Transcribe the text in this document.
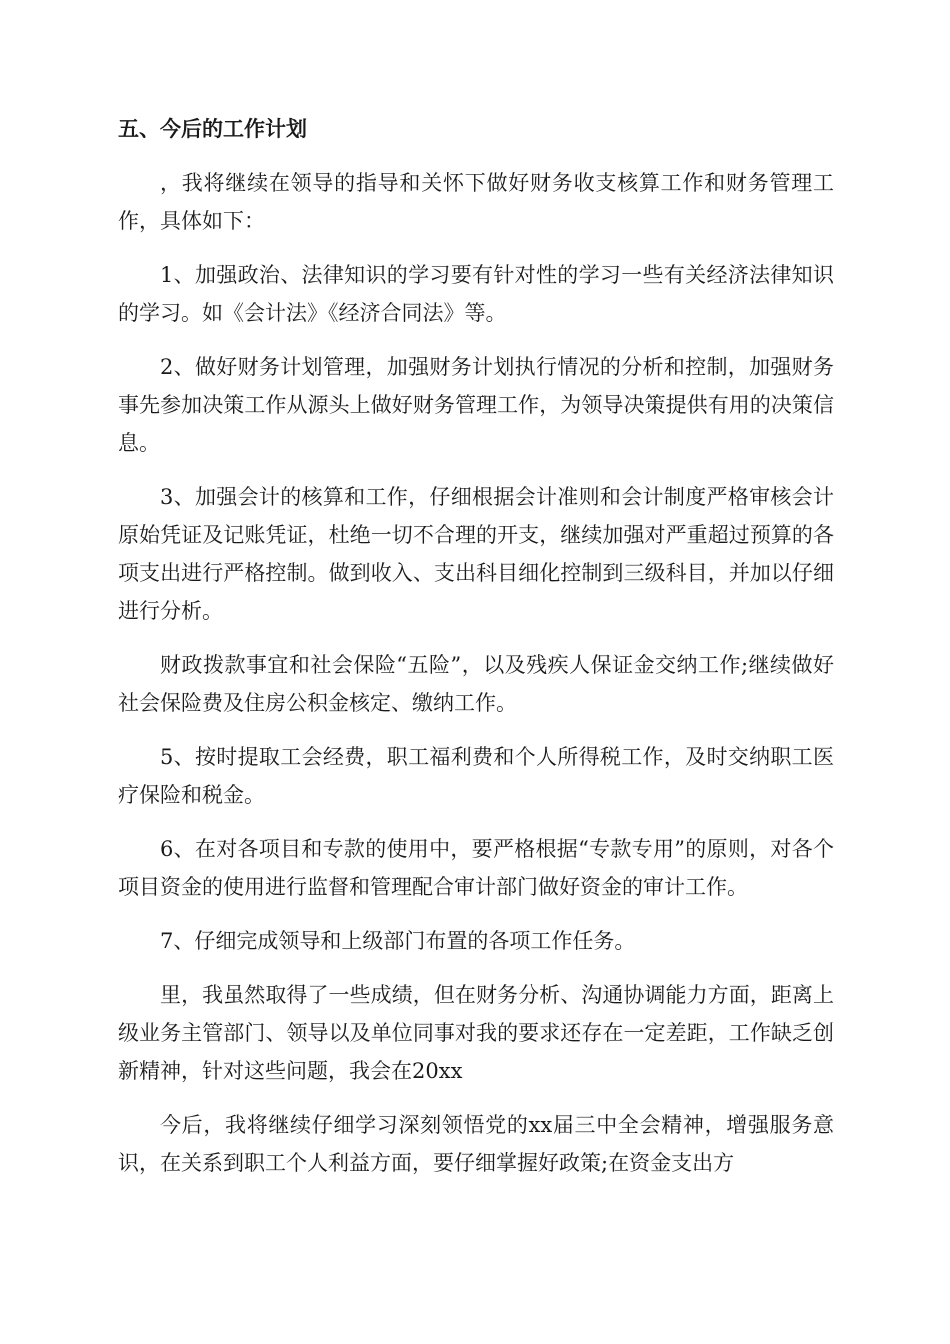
五、今后的工作计划

，我将继续在领导的指导和关怀下做好财务收支核算工作和财务管理工作，具体如下：

1、加强政治、法律知识的学习要有针对性的学习一些有关经济法律知识的学习。如《会计法》《经济合同法》等。

2、做好财务计划管理，加强财务计划执行情况的分析和控制，加强财务事先参加决策工作从源头上做好财务管理工作，为领导决策提供有用的决策信息。

3、加强会计的核算和工作，仔细根据会计准则和会计制度严格审核会计原始凭证及记账凭证，杜绝一切不合理的开支，继续加强对严重超过预算的各项支出进行严格控制。做到收入、支出科目细化控制到三级科目，并加以仔细进行分析。

财政拨款事宜和社会保险“五险”，以及残疾人保证金交纳工作;继续做好社会保险费及住房公积金核定、缴纳工作。

5、按时提取工会经费，职工福利费和个人所得税工作，及时交纳职工医疗保险和税金。

6、在对各项目和专款的使用中，要严格根据“专款专用”的原则，对各个项目资金的使用进行监督和管理配合审计部门做好资金的审计工作。

7、仔细完成领导和上级部门布置的各项工作任务。

里，我虽然取得了一些成绩，但在财务分析、沟通协调能力方面，距离上级业务主管部门、领导以及单位同事对我的要求还存在一定差距，工作缺乏创新精神，针对这些问题，我会在20xx

今后，我将继续仔细学习深刻领悟党的xx届三中全会精神，增强服务意识，在关系到职工个人利益方面，要仔细掌握好政策;在资金支出方
